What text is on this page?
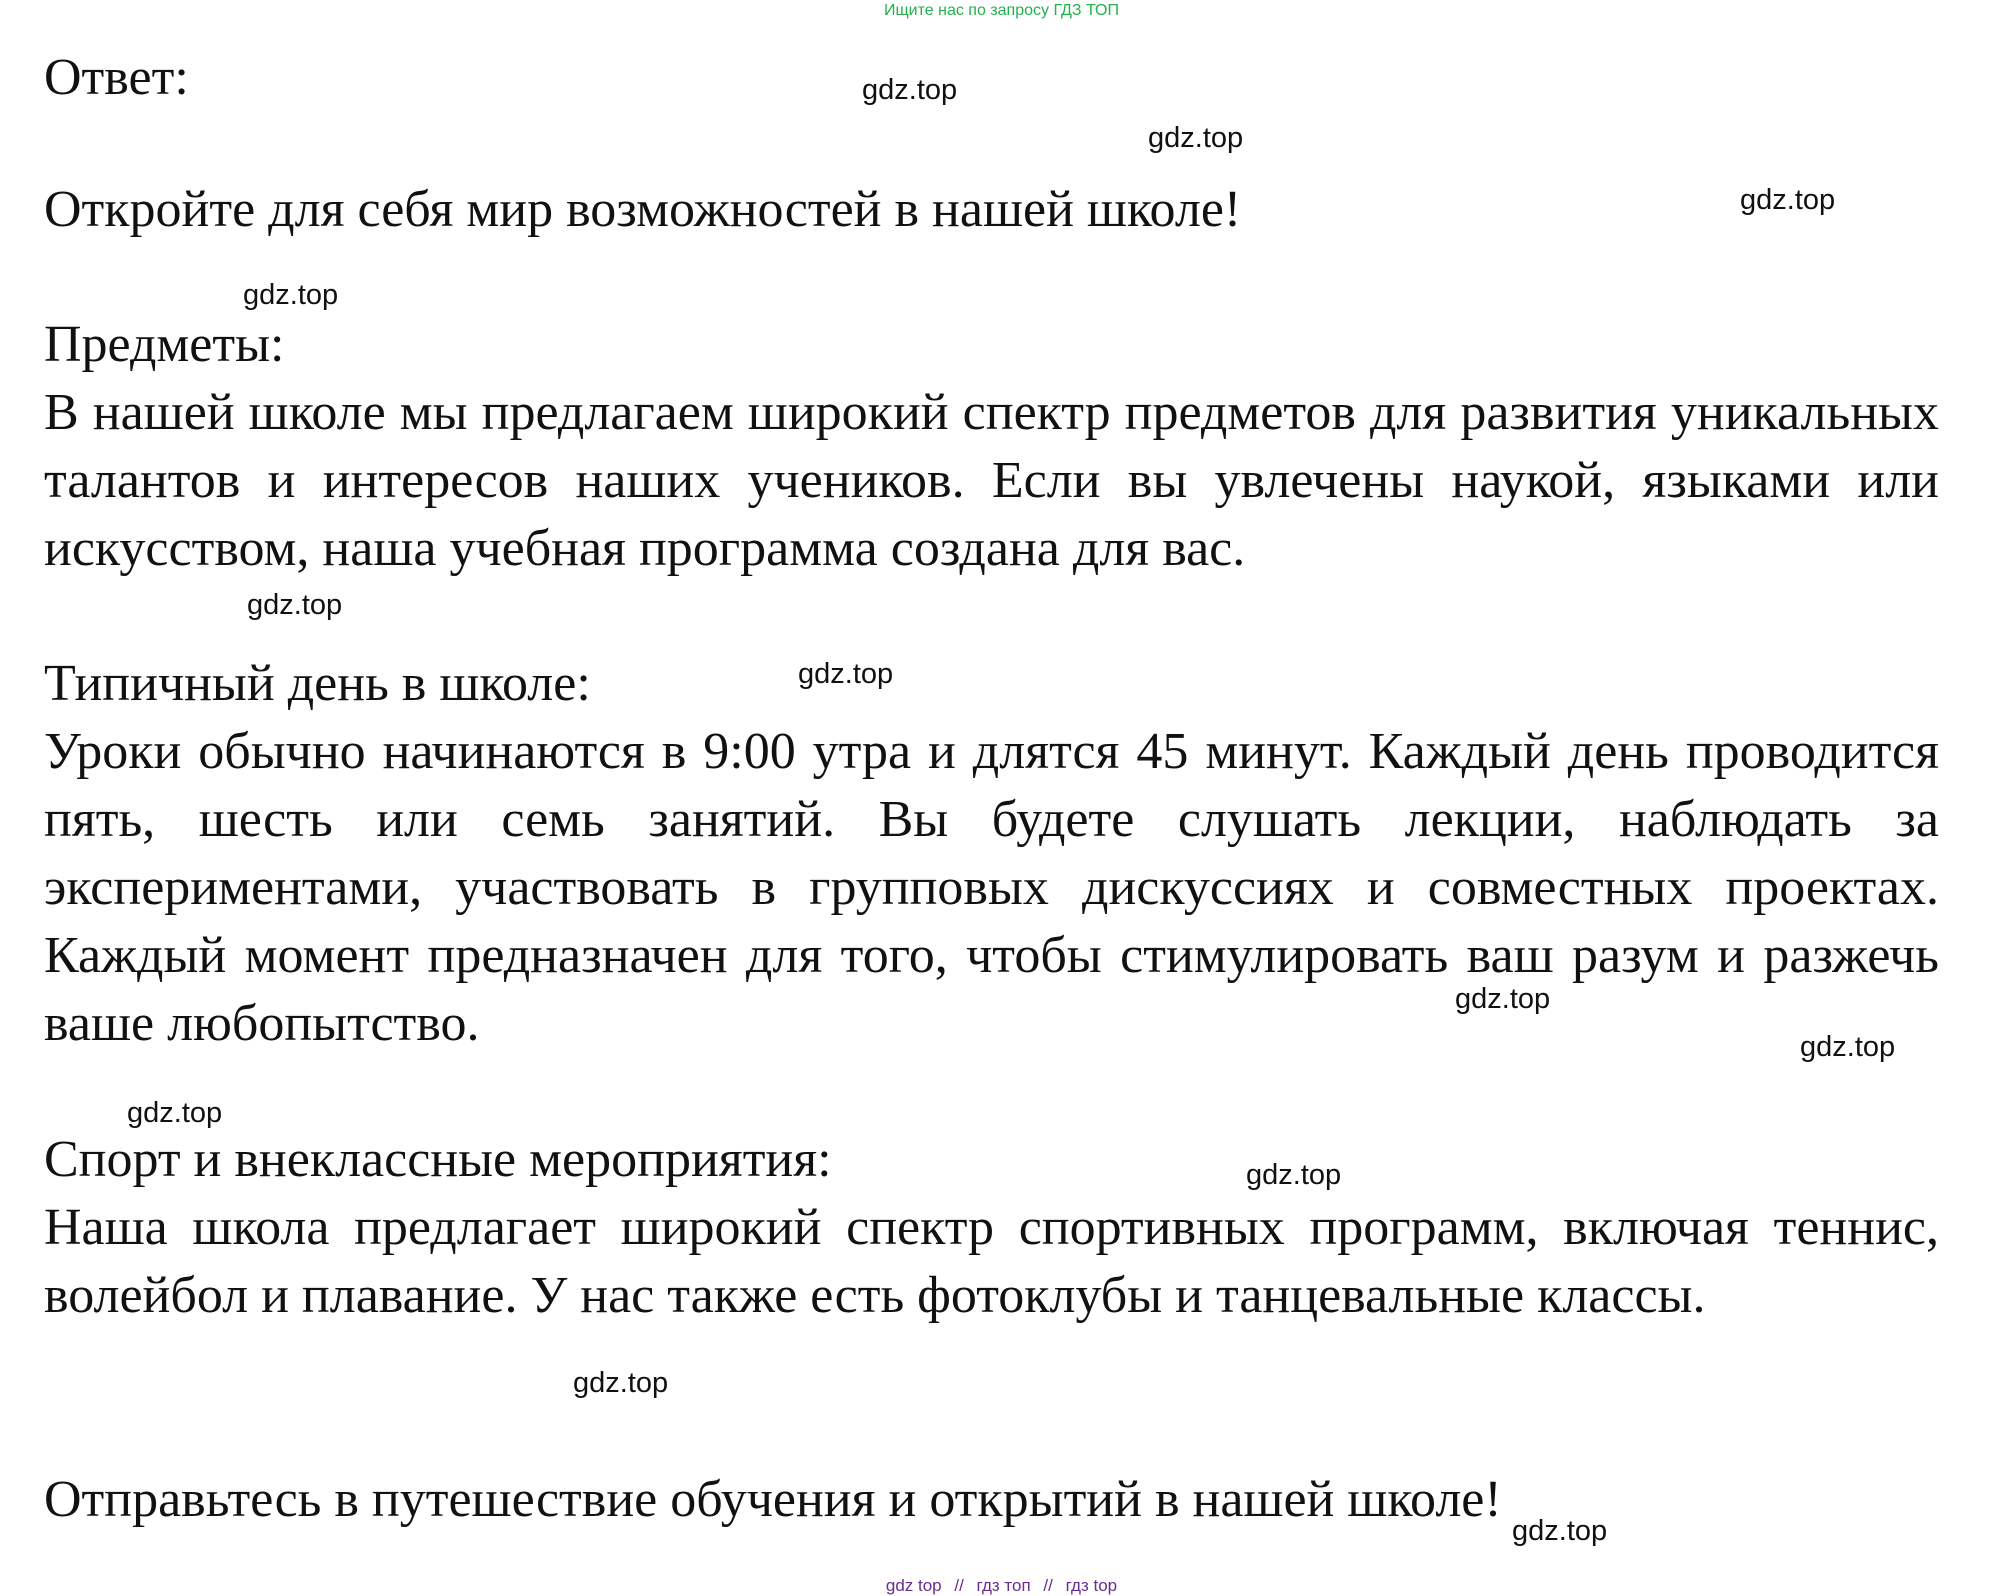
Ищите нас по запросу ГДЗ ТОП
Ответ:
Откройте для себя мир возможностей в нашей школе!
Предметы:

В нашей школе мы предлагаем широкий спектр предметов для развития уникальных талантов и интересов наших учеников. Если вы увлечены наукой, языками или искусством, наша учебная программа создана для вас.

Типичный день в школе:

Уроки обычно начинаются в 9:00 утра и длятся 45 минут. Каждый день проводится пять, шесть или семь занятий. Вы будете слушать лекции, наблюдать за экспериментами, участвовать в групповых дискуссиях и совместных проектах. Каждый момент предназначен для того, чтобы стимулировать ваш разум и разжечь ваше любопытство.

Спорт и внеклассные мероприятия:

Наша школа предлагает широкий спектр спортивных программ, включая теннис, волейбол и плавание. У нас также есть фотоклубы и танцевальные классы.

Отправьтесь в путешествие обучения и открытий в нашей школе!
gdz.top
gdz.top
gdz.top
gdz.top
gdz.top
gdz.top
gdz.top
gdz.top
gdz.top
gdz.top
gdz.top
gdz.top
gdz top // гдз топ // гдз top
